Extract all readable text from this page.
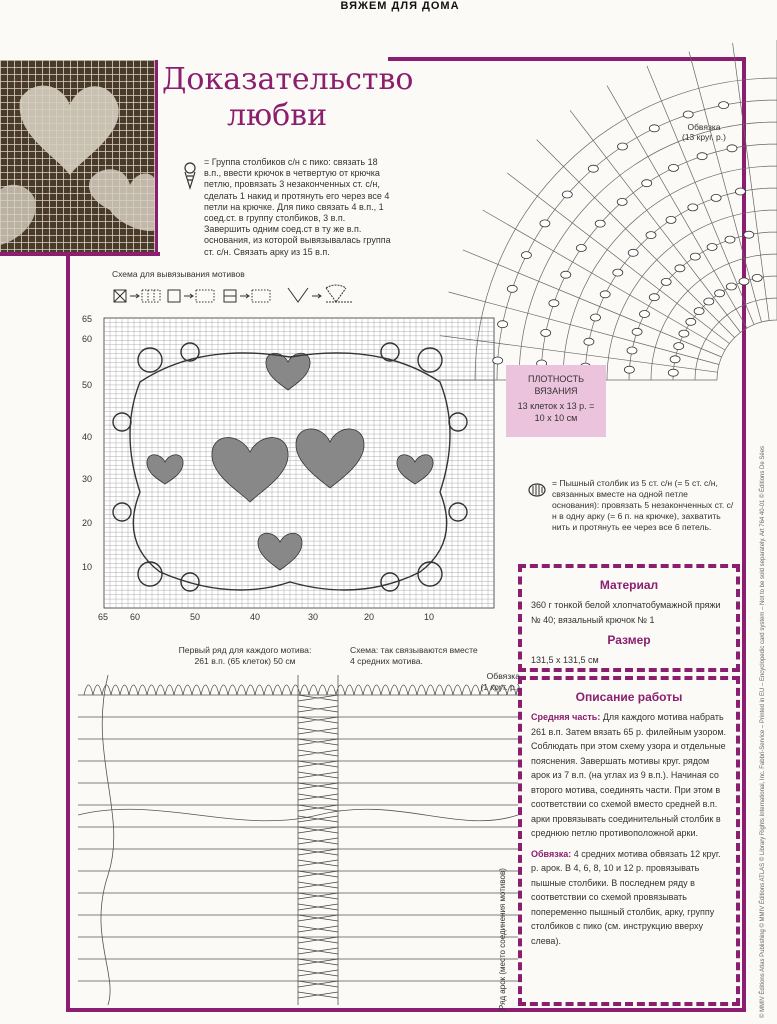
ВЯЖЕМ ДЛЯ ДОМА
Доказательство
любви
= Группа столбиков с/н с пико: связать 18 в.п., ввести крючок в четвертую от крючка петлю, провязать 3 незаконченных ст. с/н, сделать 1 накид и протянуть его через все 4 петли на крючке. Для пико связать 4 в.п., 1 соед.ст. в группу столбиков, 3 в.п. Завершить одним соед.ст в ту же в.п. основания, из которой вывязывалась группа ст. с/н. Связать арку из 15 в.п.
Схема для вывязывания мотивов
65
60
50
40
30
20
10
65 60	50	40	30	20	10
Обвязка
(13 круг. р.)
ПЛОТНОСТЬ ВЯЗАНИЯ
13 клеток х 13 р. =
10 х 10 см
= Пышный столбик из 5 ст. с/н (= 5 ст. с/н, связанных вместе на одной петле основания): провязать 5 незаконченных ст. с/н в одну арку (= 6 п. на крючке), захватить нить и протянуть ее через все 6 петель.
Материал
360 г тонкой белой хлопчатобумажной пряжи № 40; вязальный крючок № 1
Размер
131,5 х 131,5 см
Описание работы
Средняя часть: Для каждого мотива набрать 261 в.п. Затем вязать 65 р. филейным узором. Соблюдать при этом схему узора и отдельные пояснения. Завершать мотивы круг. рядом арок из 7 в.п. (на углах из 9 в.п.). Начиная со второго мотива, соединять части. При этом в соответствии со схемой вместо средней в.п. арки провязывать соединительный столбик в среднюю петлю противоположной арки.
Обвязка: 4 средних мотива обвязать 12 круг. р. арок. В 4, 6, 8, 10 и 12 р. провязывать пышные столбики. В последнем ряду в соответствии со схемой провязывать попеременно пышный столбик, арку, группу столбиков с пико (см. инструкцию вверху слева).
Первый ряд для каждого мотива:
261 в.п. (65 клеток) 50 см
Схема: так связываются вместе
4 средних мотива.
Обвязка
(1 круг. р.)
Ряд арок (место соединения мотивов)	© MMIV Éditions Atlas Publishing © MMIV Éditions ATLAS © Library Rights International, Inc. Fabbri-Service – Printed in EU – Encyclopedic card system – Not to be sold separately. Art 764 40-01 © Éditions De Sées
